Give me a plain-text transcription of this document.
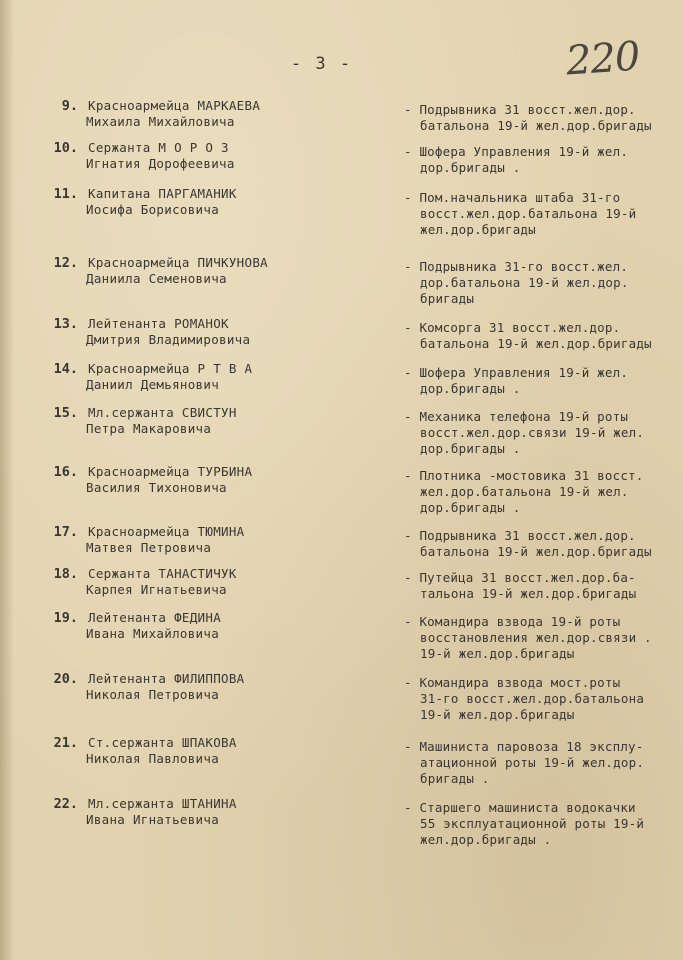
- 3 -	220
9. Красноармейца МАРКАЕВА
Михаила Михайловича
- Подрывника 31 восст.жел.дор.
батальона 19-й жел.дор.бригады
10. Сержанта М О Р О З
Игнатия Дорофеевича
- Шофера Управления 19-й жел.
дор.бригады .
11. Капитана ПАРГАМАНИК
Иосифа Борисовича
- Пом.начальника штаба 31-го
восст.жел.дор.батальона 19-й
жел.дор.бригады
12. Красноармейца ПИЧКУНОВА
Даниила Семеновича
- Подрывника 31-го восст.жел.
дор.батальона 19-й жел.дор.
бригады
13. Лейтенанта РОМАНОК
Дмитрия Владимировича
- Комсорга 31 восст.жел.дор.
батальона 19-й жел.дор.бригады
14. Красноармейца Р Т В А
Даниил Демьянович
- Шофера Управления 19-й жел.
дор.бригады .
15. Мл.сержанта СВИСТУН
Петра Макаровича
- Механика телефона 19-й роты
восст.жел.дор.связи 19-й жел.
дор.бригады .
16. Красноармейца ТУРБИНА
Василия Тихоновича
- Плотника -мостовика 31 восст.
жел.дор.батальона 19-й жел.
дор.бригады .
17. Красноармейца ТЮМИНА
Матвея Петровича
- Подрывника 31 восст.жел.дор.
батальона 19-й жел.дор.бригады
18. Сержанта ТАНАСТИЧУК
Карпея Игнатьевича
- Путейца 31 восст.жел.дор.ба-
тальона 19-й жел.дор.бригады
19. Лейтенанта ФЕДИНА
Ивана Михайловича
- Командира взвода 19-й роты
восстановления жел.дор.связи .
19-й жел.дор.бригады
20. Лейтенанта ФИЛИППОВА
Николая Петровича
- Командира взвода мост.роты
31-го восст.жел.дор.батальона
19-й жел.дор.бригады
21. Ст.сержанта ШПАКОВА
Николая Павловича
- Машиниста паровоза 18 эксплу-
атационной роты 19-й жел.дор.
бригады .
22. Мл.сержанта ШТАНИНА
Ивана Игнатьевича
- Старшего машиниста водокачки
55 эксплуатационной роты 19-й
жел.дор.бригады .
